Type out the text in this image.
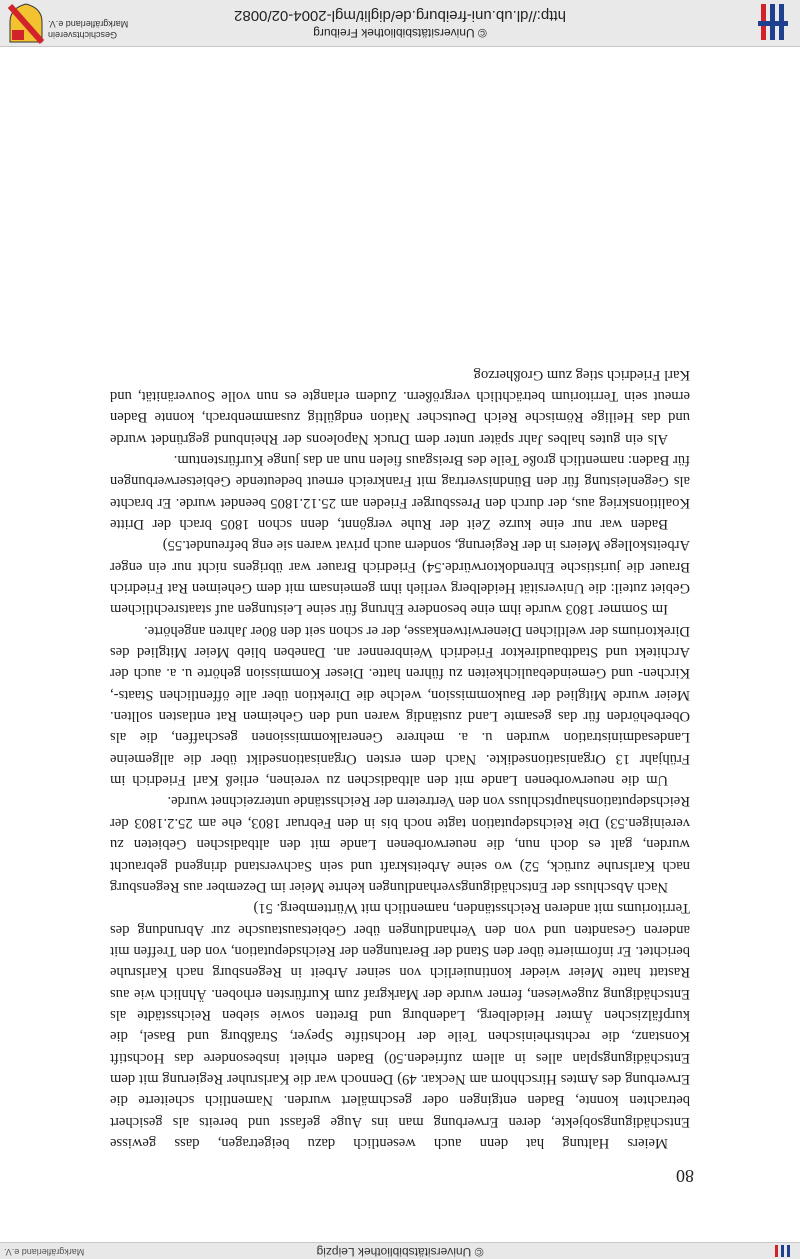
© Universitätsbibliothek Leipzig
Markgräflerland e.V.
80

Meiers Haltung hat denn auch wesentlich dazu beigetragen, dass gewisse Entschädigungsobjekte, deren Erwerbung man ins Auge gefasst und bereits als gesichert betrachten konnte, Baden entgingen oder geschmälert wurden. Namentlich scheiterte die Erwerbung des Amtes Hirschhorn am Neckar. 49) Dennoch war die Karlsruher Regierung mit dem Entschädigungsplan alles in allem zufrieden.50) Baden erhielt insbesondere das Hochstift Konstanz, die rechtsrheinischen Teile der Hochstifte Speyer, Straßburg und Basel, die kurpfälzischen Ämter Heidelberg, Ladenburg und Bretten sowie sieben Reichsstädte als Entschädigung zugewiesen, ferner wurde der Markgraf zum Kurfürsten erhoben. Ähnlich wie aus Rastatt hatte Meier wieder kontinuierlich von seiner Arbeit in Regensburg nach Karlsruhe berichtet. Er informierte über den Stand der Beratungen der Reichsdeputation, von den Treffen mit anderen Gesandten und von den Verhandlungen über Gebietsaustausche zur Abrundung des Territoriums mit anderen Reichsständen, namentlich mit Württemberg. 51)

Nach Abschluss der Entschädigungsverhandlungen kehrte Meier im Dezember aus Regensburg nach Karlsruhe zurück, 52) wo seine Arbeitskraft und sein Sachverstand dringend gebraucht wurden, galt es doch nun, die neuerworbenen Lande mit den altbadischen Gebieten zu vereinigen.53) Die Reichsdeputation tagte noch bis in den Februar 1803, ehe am 25.2.1803 der Reichsdeputationshauptschluss von den Vertretern der Reichsstände unterzeichnet wurde.

Um die neuerworbenen Lande mit den altbadischen zu vereinen, erließ Karl Friedrich im Frühjahr 13 Organisationsedikte. Nach dem ersten Organisationsedikt über die allgemeine Landesadministration wurden u. a. mehrere Generalkommissionen geschaffen, die als Oberbehörden für das gesamte Land zuständig waren und den Geheimen Rat entlasten sollten. Meier wurde Mitglied der Baukommission, welche die Direktion über alle öffentlichen Staats-, Kirchen- und Gemeindebaulichkeiten zu führen hatte. Dieser Kommission gehörte u. a. auch der Architekt und Stadtbaudirektor Friedrich Weinbrenner an. Daneben blieb Meier Mitglied des Direktoriums der weltlichen Dienerwitwenkasse, der er schon seit den 80er Jahren angehörte.

Im Sommer 1803 wurde ihm eine besondere Ehrung für seine Leistungen auf staatsrechtlichem Gebiet zuteil: die Universität Heidelberg verlieh ihm gemeinsam mit dem Geheimen Rat Friedrich Brauer die juristische Ehrendoktorwürde.54) Friedrich Brauer war übrigens nicht nur ein enger Arbeitskollege Meiers in der Regierung, sondern auch privat waren sie eng befreundet.55)

Baden war nur eine kurze Zeit der Ruhe vergönnt, denn schon 1805 brach der Dritte Koalitionskrieg aus, der durch den Pressburger Frieden am 25.12.1805 beendet wurde. Er brachte als Gegenleistung für den Bündnisvertrag mit Frankreich erneut bedeutende Gebietserwerbungen für Baden: namentlich große Teile des Breisgaus fielen nun an das junge Kurfürstentum.

Als ein gutes halbes Jahr später unter dem Druck Napoleons der Rheinbund gegründet wurde und das Heilige Römische Reich Deutscher Nation endgültig zusammenbrach, konnte Baden erneut sein Territorium beträchtlich vergrößern. Zudem erlangte es nun volle Souveränität, und Karl Friedrich stieg zum Großherzog

© Universitätsbibliothek Freiburg
http://dl.ub.uni-freiburg.de/diglit/mgl-2004-02/0082
Geschichtsverein
Markgräflerland e.V.
